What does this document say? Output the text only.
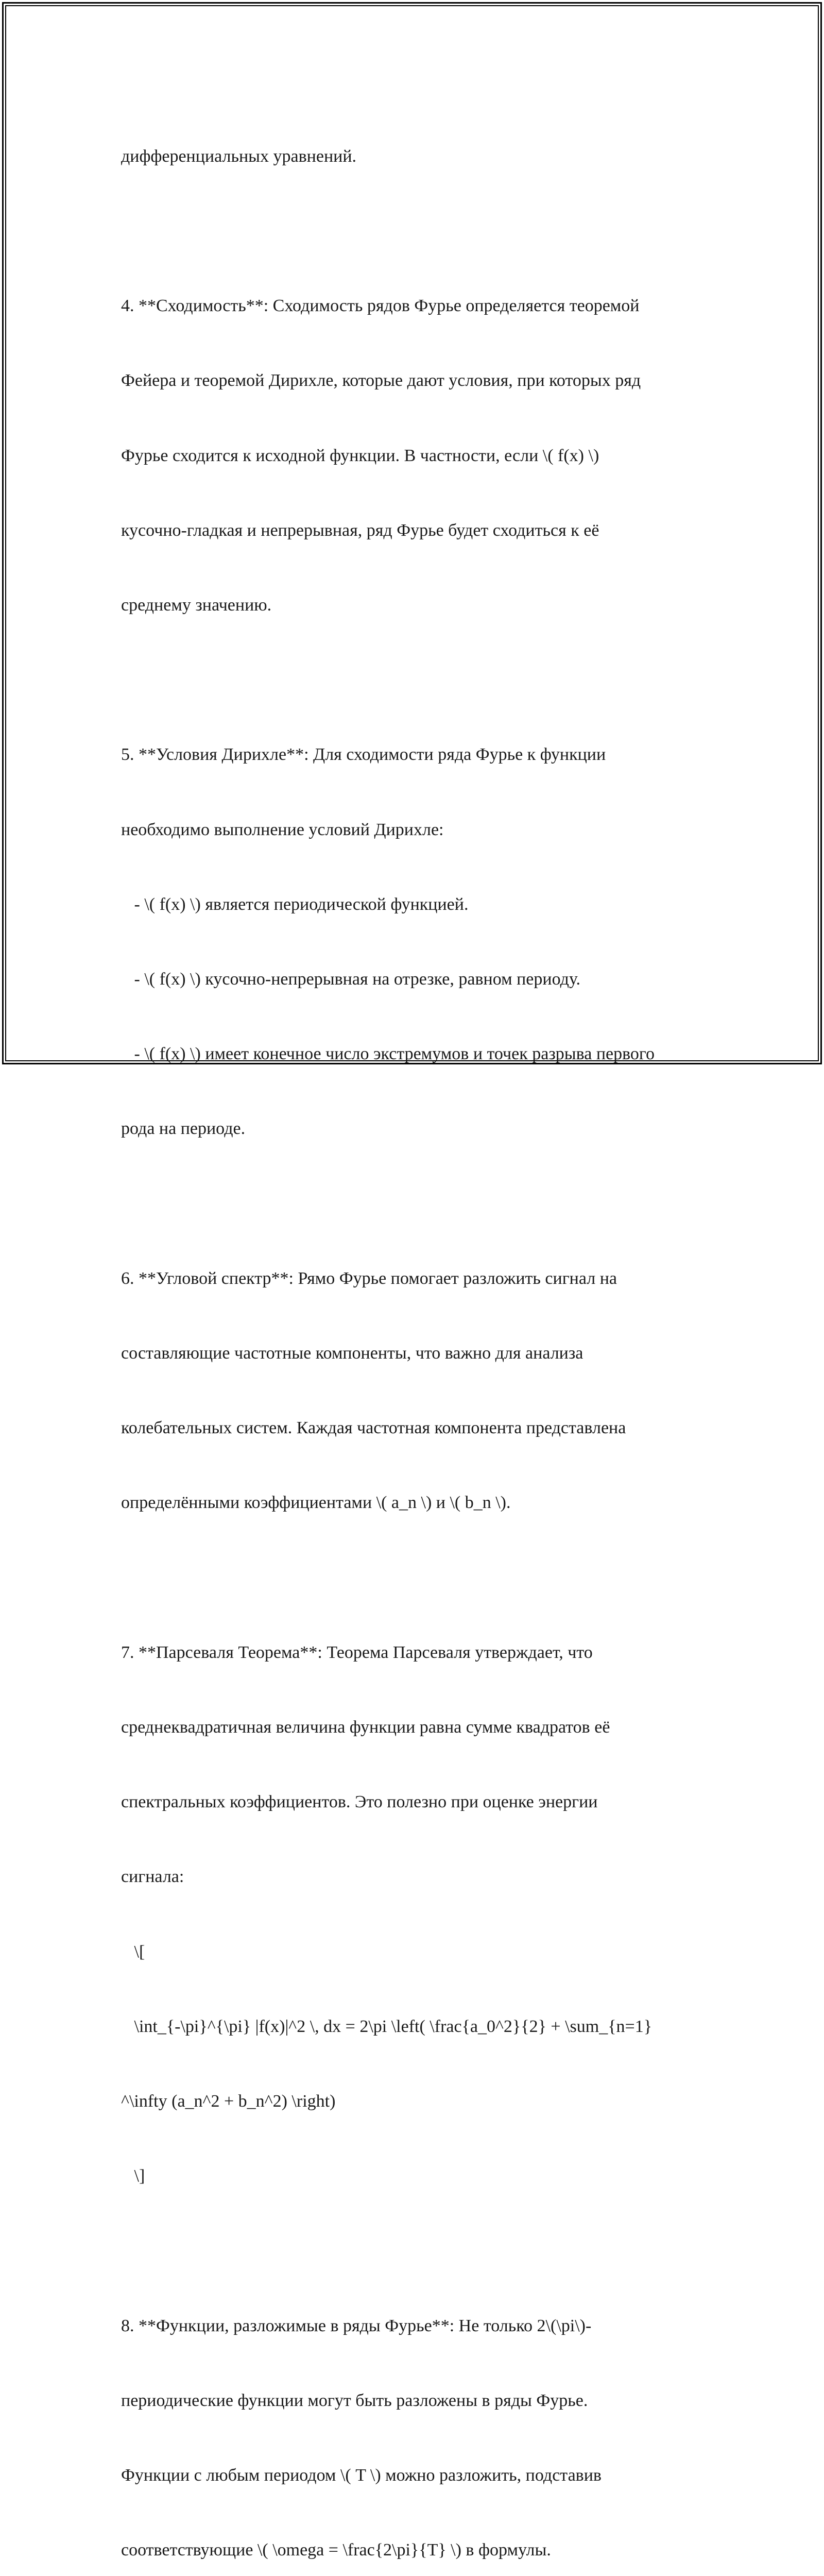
дифференциальных уравнений.

4. **Сходимость**: Сходимость рядов Фурье определяется теоремой

Фейера и теоремой Дирихле, которые дают условия, при которых ряд

Фурье сходится к исходной функции. В частности, если \( f(x) \)

кусочно-гладкая и непрерывная, ряд Фурье будет сходиться к её

среднему значению.

5. **Условия Дирихле**: Для сходимости ряда Фурье к функции

необходимо выполнение условий Дирихле:

- \( f(x) \) является периодической функцией.

- \( f(x) \) кусочно-непрерывная на отрезке, равном периоду.

- \( f(x) \) имеет конечное число экстремумов и точек разрыва первого

рода на периоде.

6. **Угловой спектр**: Рямо Фурье помогает разложить сигнал на

составляющие частотные компоненты, что важно для анализа

колебательных систем. Каждая частотная компонента представлена

определёнными коэффициентами \( a_n \) и \( b_n \).

7. **Парсеваля Теорема**: Теорема Парсеваля утверждает, что

среднеквадратичная величина функции равна сумме квадратов её

спектральных коэффициентов. Это полезно при оценке энергии

сигнала:

\[

\int_{-\pi}^{\pi} |f(x)|^2 \, dx = 2\pi \left( \frac{a_0^2}{2} + \sum_{n=1}

^\infty (a_n^2 + b_n^2) \right)

\]

8. **Функции, разложимые в ряды Фурье**: Не только 2\(\pi\)-

периодические функции могут быть разложены в ряды Фурье.

Функции с любым периодом \( T \) можно разложить, подставив

соответствующие \( \omega = \frac{2\pi}{T} \) в формулы.
